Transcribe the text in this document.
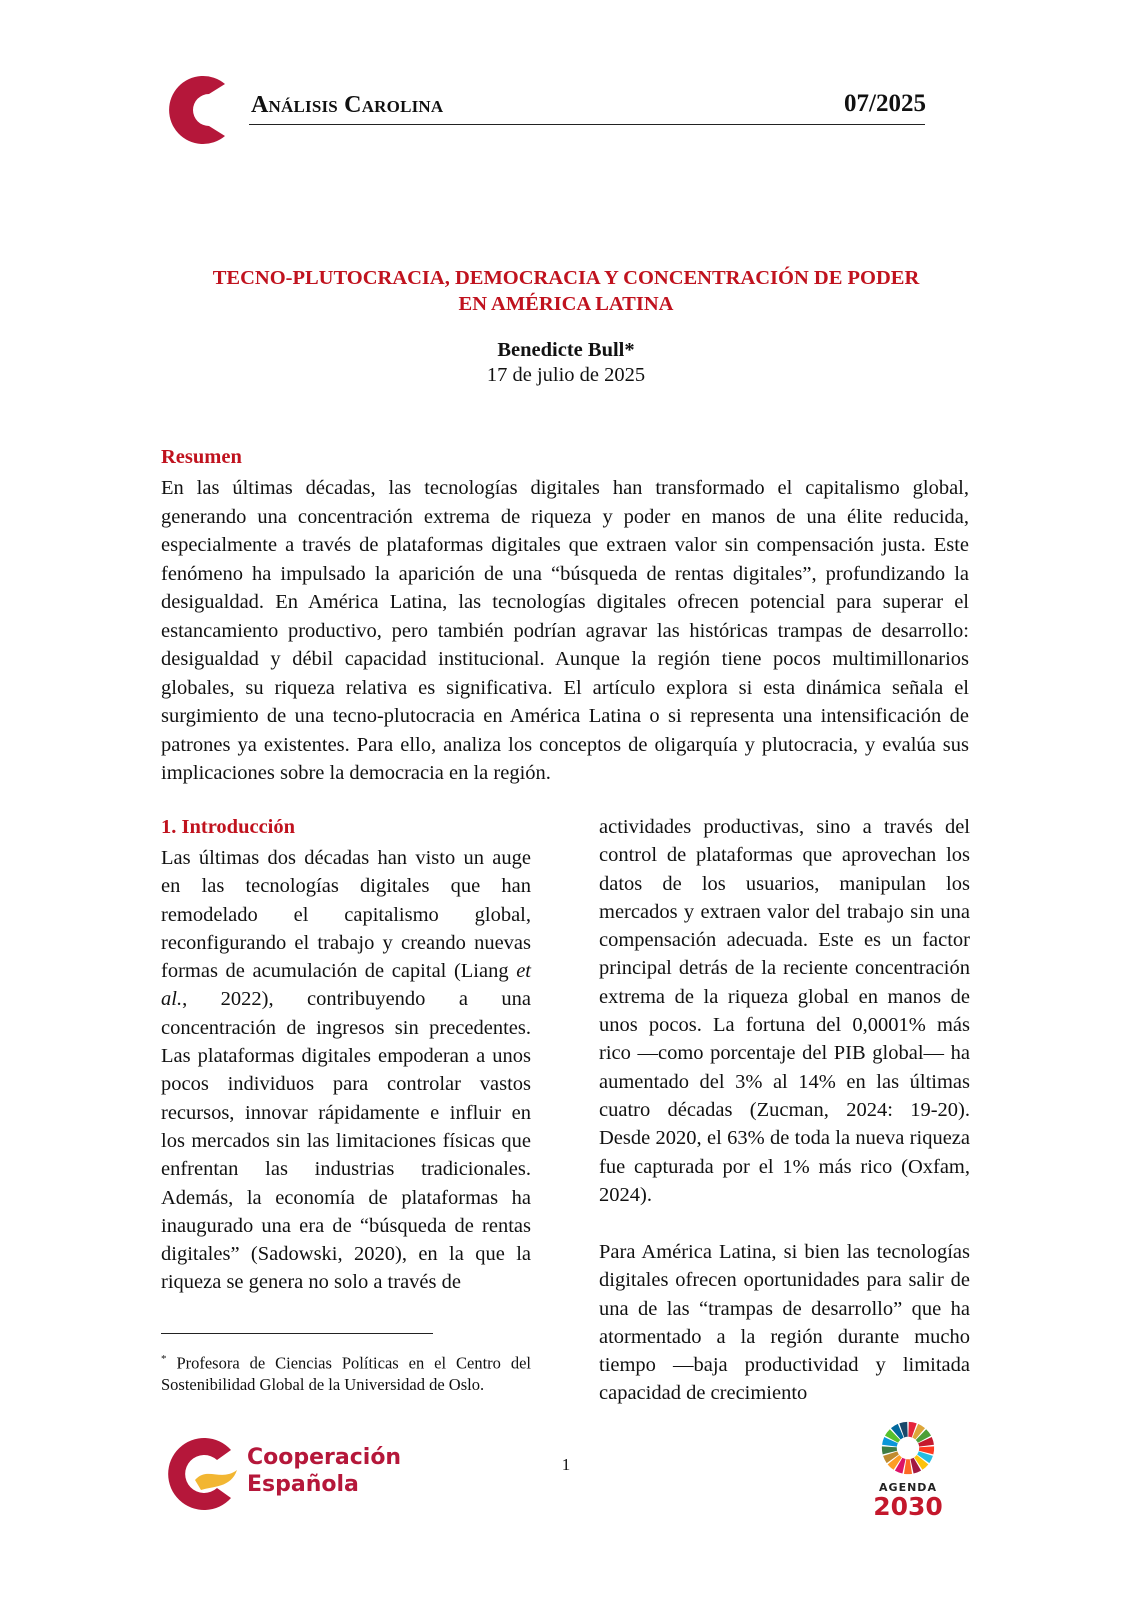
Análisis Carolina	07/2025
TECNO-PLUTOCRACIA, DEMOCRACIA Y CONCENTRACIÓN DE PODER
EN AMÉRICA LATINA
Benedicte Bull*
17 de julio de 2025
Resumen

En las últimas décadas, las tecnologías digitales han transformado el capitalismo global, generando una concentración extrema de riqueza y poder en manos de una élite reducida, especialmente a través de plataformas digitales que extraen valor sin compensación justa. Este fenómeno ha impulsado la aparición de una “búsqueda de rentas digitales”, profundizando la desigualdad. En América Latina, las tecnologías digitales ofrecen potencial para superar el estancamiento productivo, pero también podrían agravar las históricas trampas de desarrollo: desigualdad y débil capacidad institucional. Aunque la región tiene pocos multimillonarios globales, su riqueza relativa es significativa. El artículo explora si esta dinámica señala el surgimiento de una tecno-plutocracia en América Latina o si representa una intensificación de patrones ya existentes. Para ello, analiza los conceptos de oligarquía y plutocracia, y evalúa sus implicaciones sobre la democracia en la región.

1. Introducción

Las últimas dos décadas han visto un auge en las tecnologías digitales que han remodelado el capitalismo global, reconfigurando el trabajo y creando nuevas formas de acumulación de capital (Liang et al., 2022), contribuyendo a una concentración de ingresos sin precedentes. Las plataformas digitales empoderan a unos pocos individuos para controlar vastos recursos, innovar rápidamente e influir en los mercados sin las limitaciones físicas que enfrentan las industrias tradicionales. Además, la economía de plataformas ha inaugurado una era de “búsqueda de rentas digitales” (Sadowski, 2020), en la que la riqueza se genera no solo a través de

actividades productivas, sino a través del control de plataformas que aprovechan los datos de los usuarios, manipulan los mercados y extraen valor del trabajo sin una compensación adecuada. Este es un factor principal detrás de la reciente concentración extrema de la riqueza global en manos de unos pocos. La fortuna del 0,0001% más rico —como porcentaje del PIB global— ha aumentado del 3% al 14% en las últimas cuatro décadas (Zucman, 2024: 19-20). Desde 2020, el 63% de toda la nueva riqueza fue capturada por el 1% más rico (Oxfam, 2024).

Para América Latina, si bien las tecnologías digitales ofrecen oportunidades para salir de una de las “trampas de desarrollo” que ha atormentado a la región durante mucho tiempo —baja productividad y limitada capacidad de crecimiento

* Profesora de Ciencias Políticas en el Centro del Sostenibilidad Global de la Universidad de Oslo.

1
Cooperación
Española	AGENDA
2030
